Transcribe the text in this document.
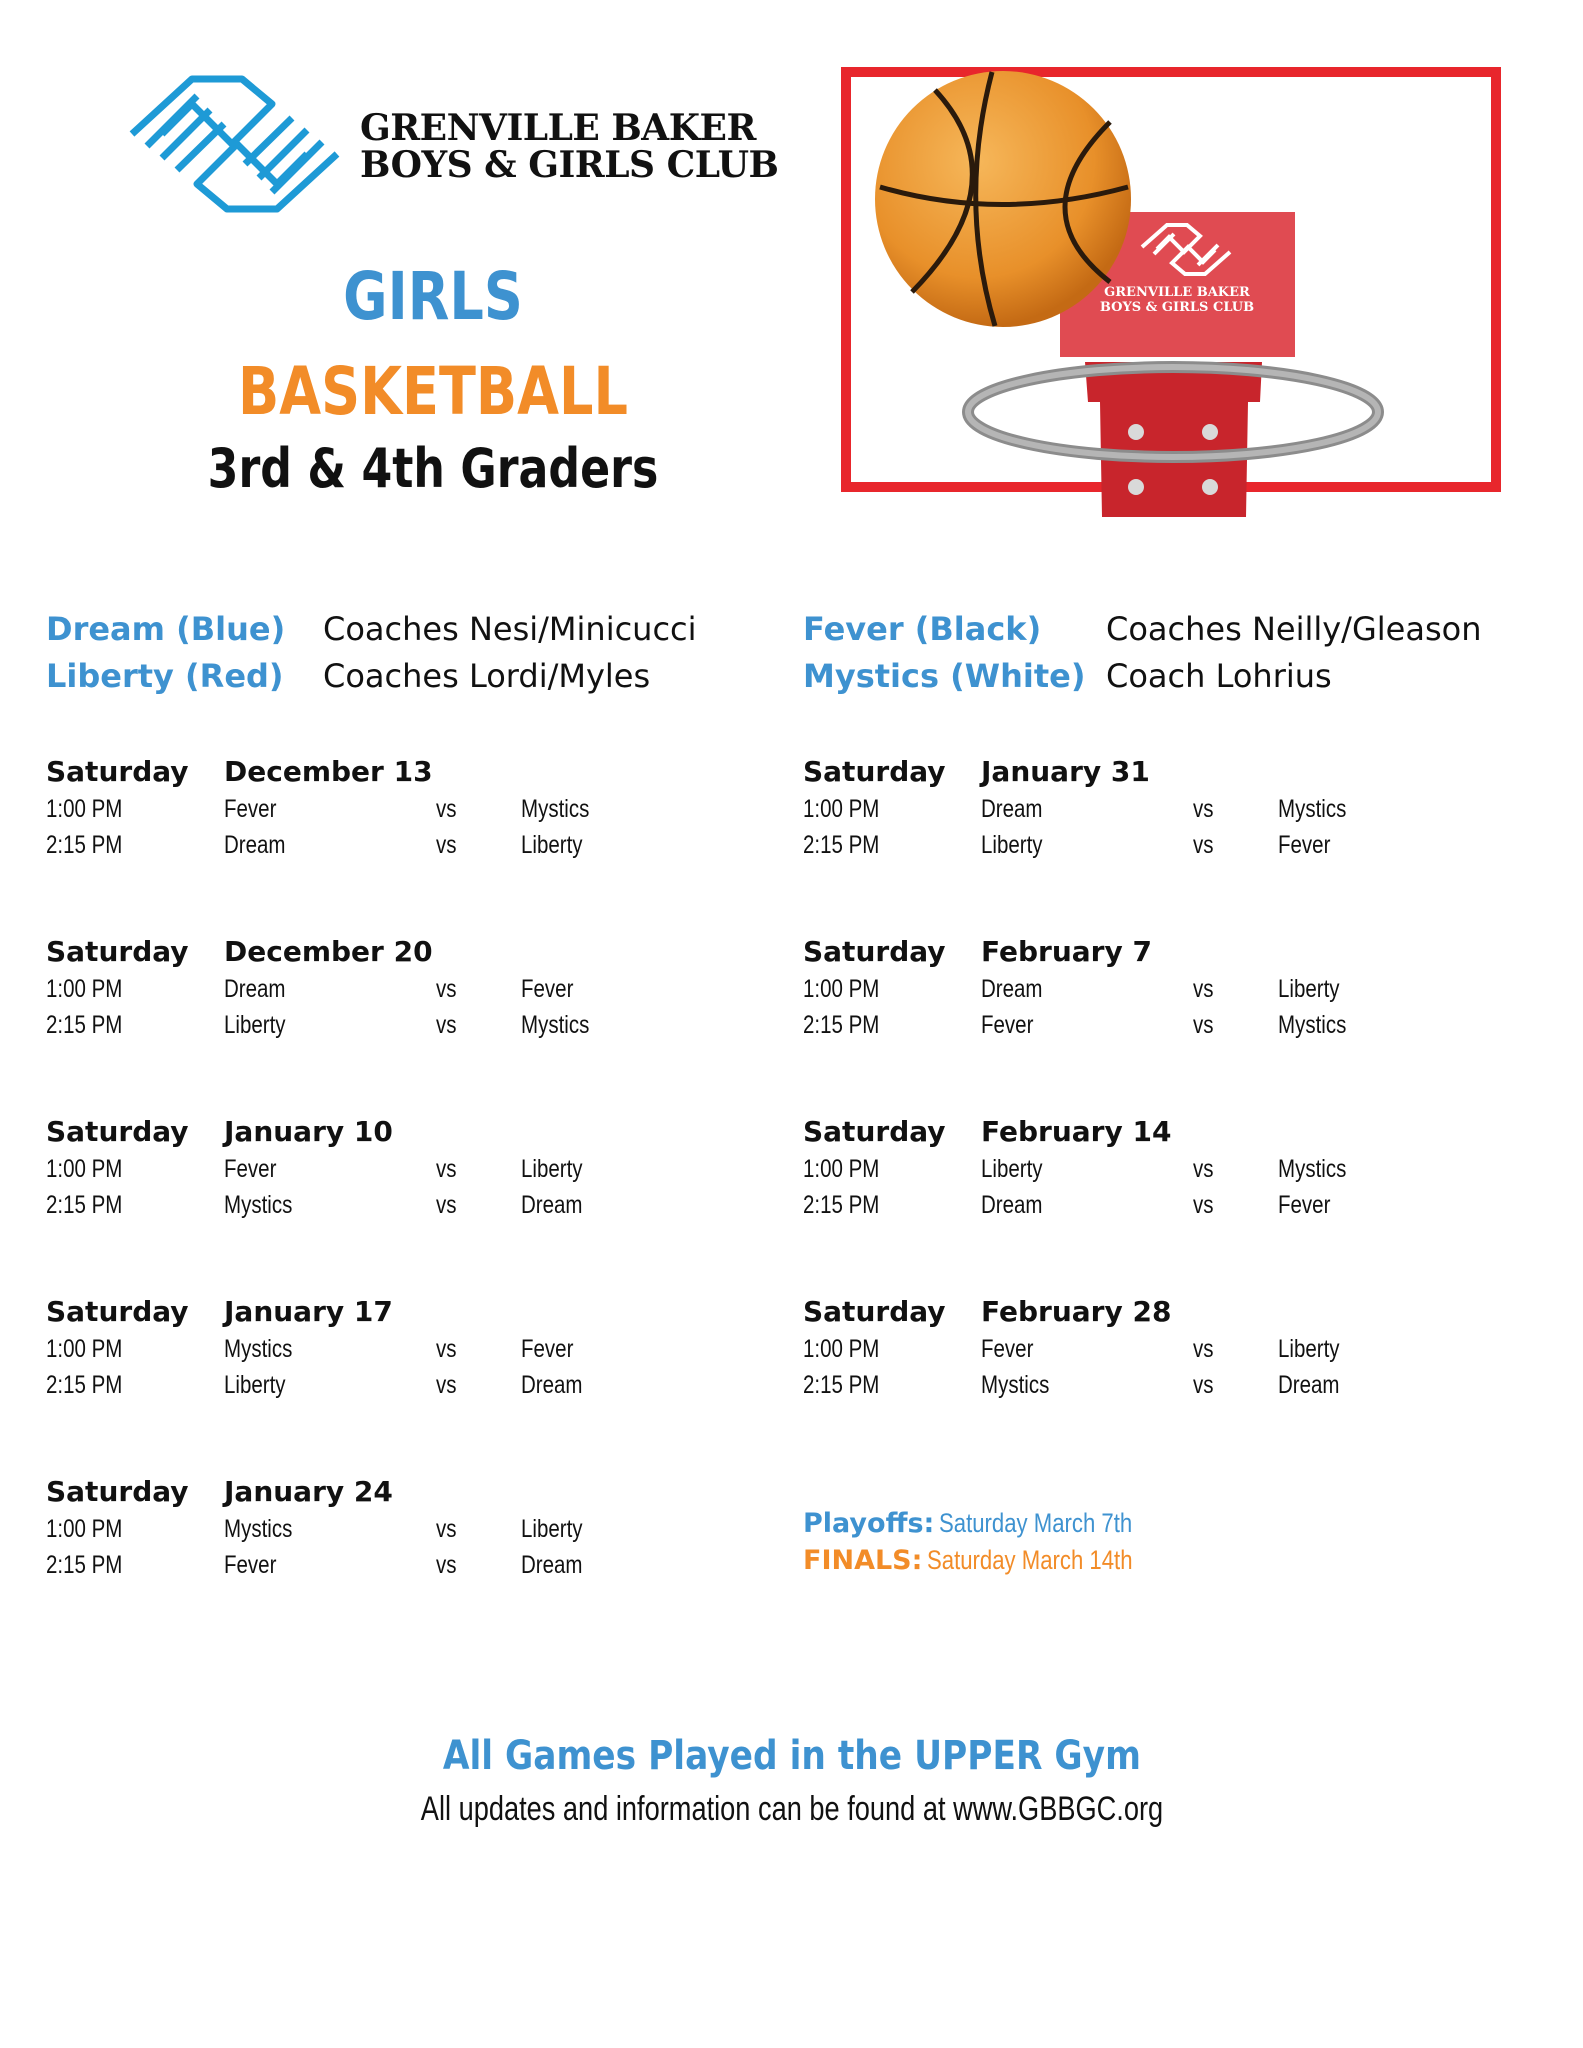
GRENVILLE BAKER
BOYS & GIRLS CLUB
GIRLS
BASKETBALL
3rd & 4th Graders
GRENVILLE BAKER
BOYS & GIRLS CLUB
Dream (Blue) Coaches Nesi/Minicucci
Liberty (Red) Coaches Lordi/Myles
Fever (Black) Coaches Neilly/Gleason
Mystics (White) Coach Lohrius
Saturday December 13
1:00 PM	Fever	vs	Mystics
2:15 PM	Dream	vs	Liberty
Saturday December 20
1:00 PM	Dream	vs	Fever
2:15 PM	Liberty	vs	Mystics
Saturday January 10
1:00 PM	Fever	vs	Liberty
2:15 PM	Mystics	vs	Dream
Saturday January 17
1:00 PM	Mystics	vs	Fever
2:15 PM	Liberty	vs	Dream
Saturday January 24
1:00 PM	Mystics	vs	Liberty
2:15 PM	Fever	vs	Dream
Saturday January 31
1:00 PM	Dream	vs	Mystics
2:15 PM	Liberty	vs	Fever
Saturday February 7
1:00 PM	Dream	vs	Liberty
2:15 PM	Fever	vs	Mystics
Saturday February 14
1:00 PM	Liberty	vs	Mystics
2:15 PM	Dream	vs	Fever
Saturday February 28
1:00 PM	Fever	vs	Liberty
2:15 PM	Mystics	vs	Dream
Playoffs: Saturday March 7th
FINALS: Saturday March 14th
All Games Played in the UPPER Gym
All updates and information can be found at www.GBBGC.org
